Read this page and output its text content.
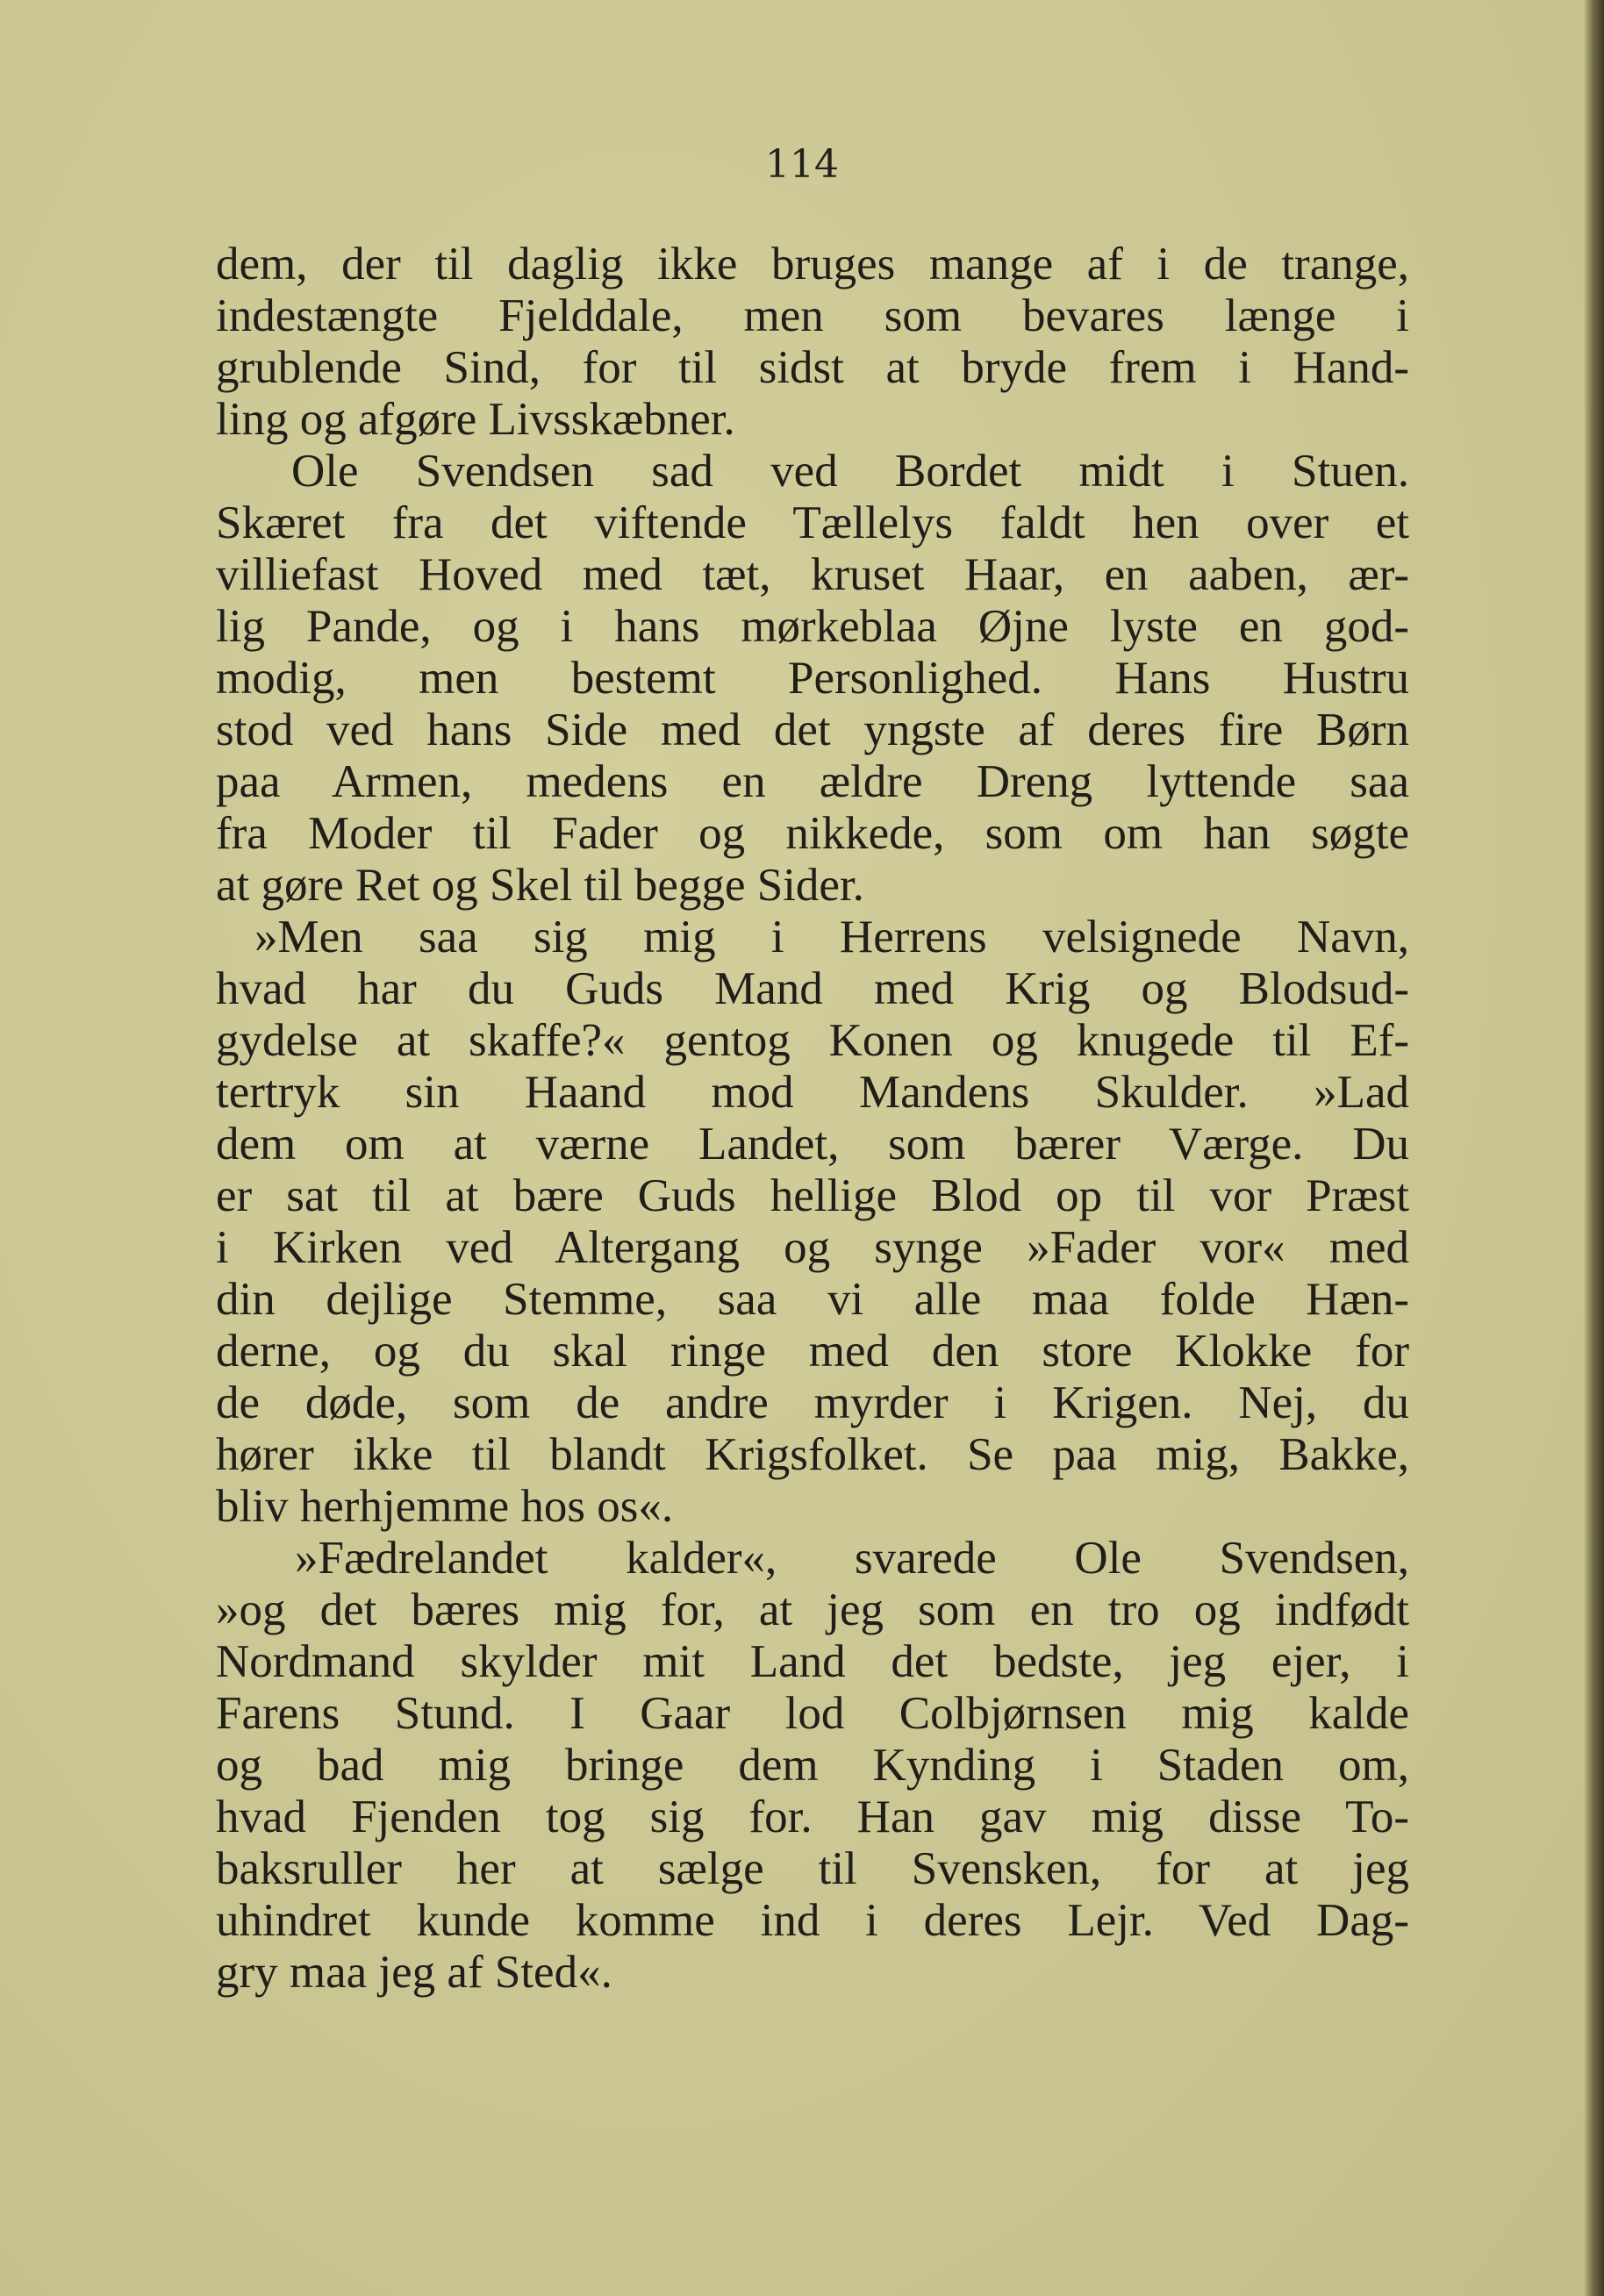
114

dem, der til daglig ikke bruges mange af i de trange,
indestængte Fjelddale, men som bevares længe i
grublende Sind, for til sidst at bryde frem i Hand-
ling og afgøre Livsskæbner.
Ole Svendsen sad ved Bordet midt i Stuen.
Skæret fra det viftende Tællelys faldt hen over et
villiefast Hoved med tæt, kruset Haar, en aaben, ær-
lig Pande, og i hans mørkeblaa Øjne lyste en god-
modig, men bestemt Personlighed. Hans Hustru
stod ved hans Side med det yngste af deres fire Børn
paa Armen, medens en ældre Dreng lyttende saa
fra Moder til Fader og nikkede, som om han søgte
at gøre Ret og Skel til begge Sider.
»Men saa sig mig i Herrens velsignede Navn,
hvad har du Guds Mand med Krig og Blodsud-
gydelse at skaffe?« gentog Konen og knugede til Ef-
tertryk sin Haand mod Mandens Skulder. »Lad
dem om at værne Landet, som bærer Værge. Du
er sat til at bære Guds hellige Blod op til vor Præst
i Kirken ved Altergang og synge »Fader vor« med
din dejlige Stemme, saa vi alle maa folde Hæn-
derne, og du skal ringe med den store Klokke for
de døde, som de andre myrder i Krigen. Nej, du
hører ikke til blandt Krigsfolket. Se paa mig, Bakke,
bliv herhjemme hos os«.
»Fædrelandet kalder«, svarede Ole Svendsen,
»og det bæres mig for, at jeg som en tro og indfødt
Nordmand skylder mit Land det bedste, jeg ejer, i
Farens Stund. I Gaar lod Colbjørnsen mig kalde
og bad mig bringe dem Kynding i Staden om,
hvad Fjenden tog sig for. Han gav mig disse To-
baksruller her at sælge til Svensken, for at jeg
uhindret kunde komme ind i deres Lejr. Ved Dag-
gry maa jeg af Sted«.
